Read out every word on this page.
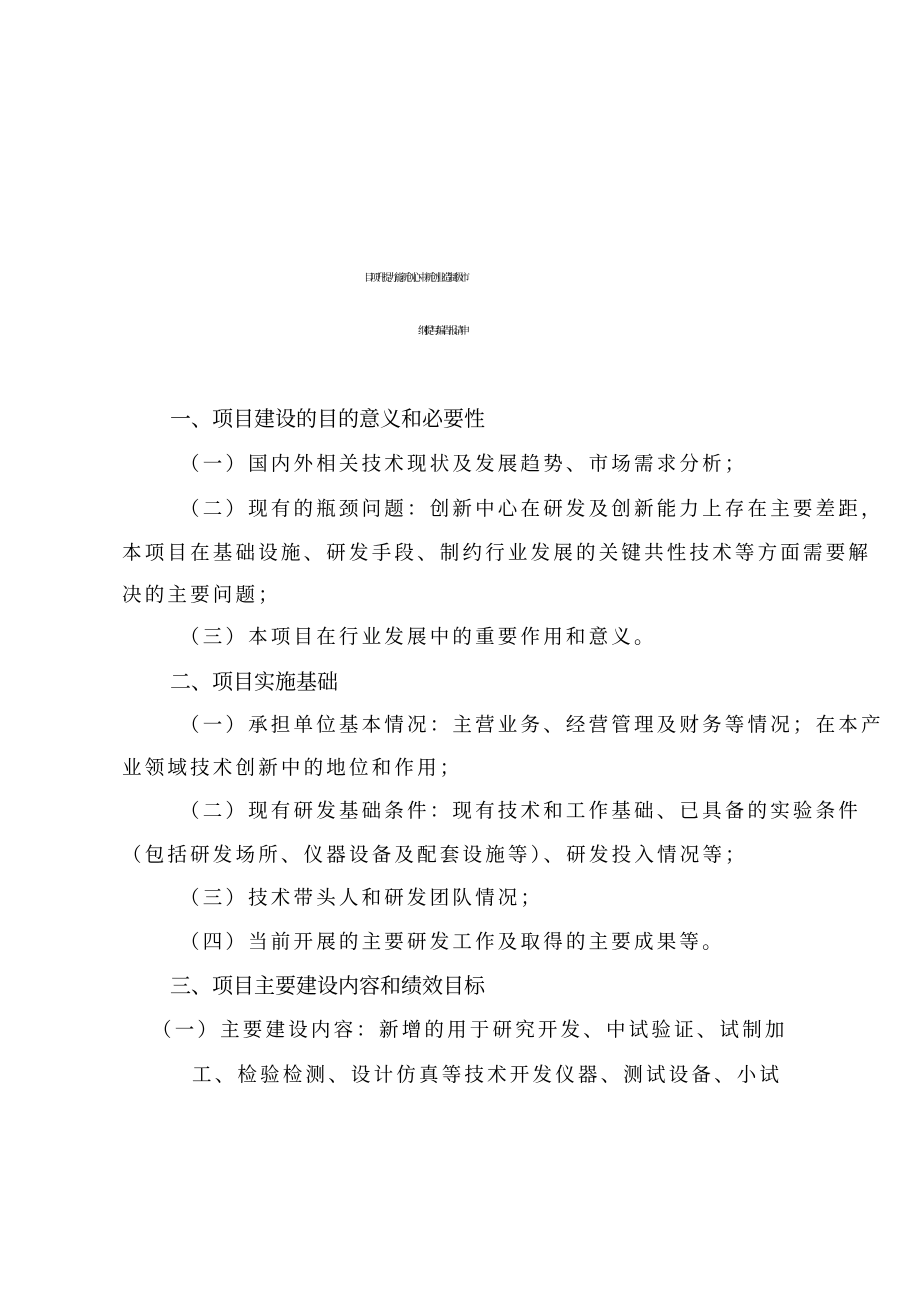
一、项目建设的目的意义和必要性
（一）国内外相关技术现状及发展趋势、市场需求分析；
（二）现有的瓶颈问题：创新中心在研发及创新能力上存在主要差距，
本项目在基础设施、研发手段、制约行业发展的关键共性技术等方面需要解
决的主要问题；
（三）本项目在行业发展中的重要作用和意义。
二、项目实施基础
（一）承担单位基本情况：主营业务、经营管理及财务等情况；在本产
业领域技术创新中的地位和作用；
（二）现有研发基础条件：现有技术和工作基础、已具备的实验条件
（包括研发场所、仪器设备及配套设施等）、研发投入情况等；
（三）技术带头人和研发团队情况；
（四）当前开展的主要研发工作及取得的主要成果等。
三、项目主要建设内容和绩效目标
（一）主要建设内容：新增的用于研究开发、中试验证、试制加
工、检验检测、设计仿真等技术开发仪器、测试设备、小试
